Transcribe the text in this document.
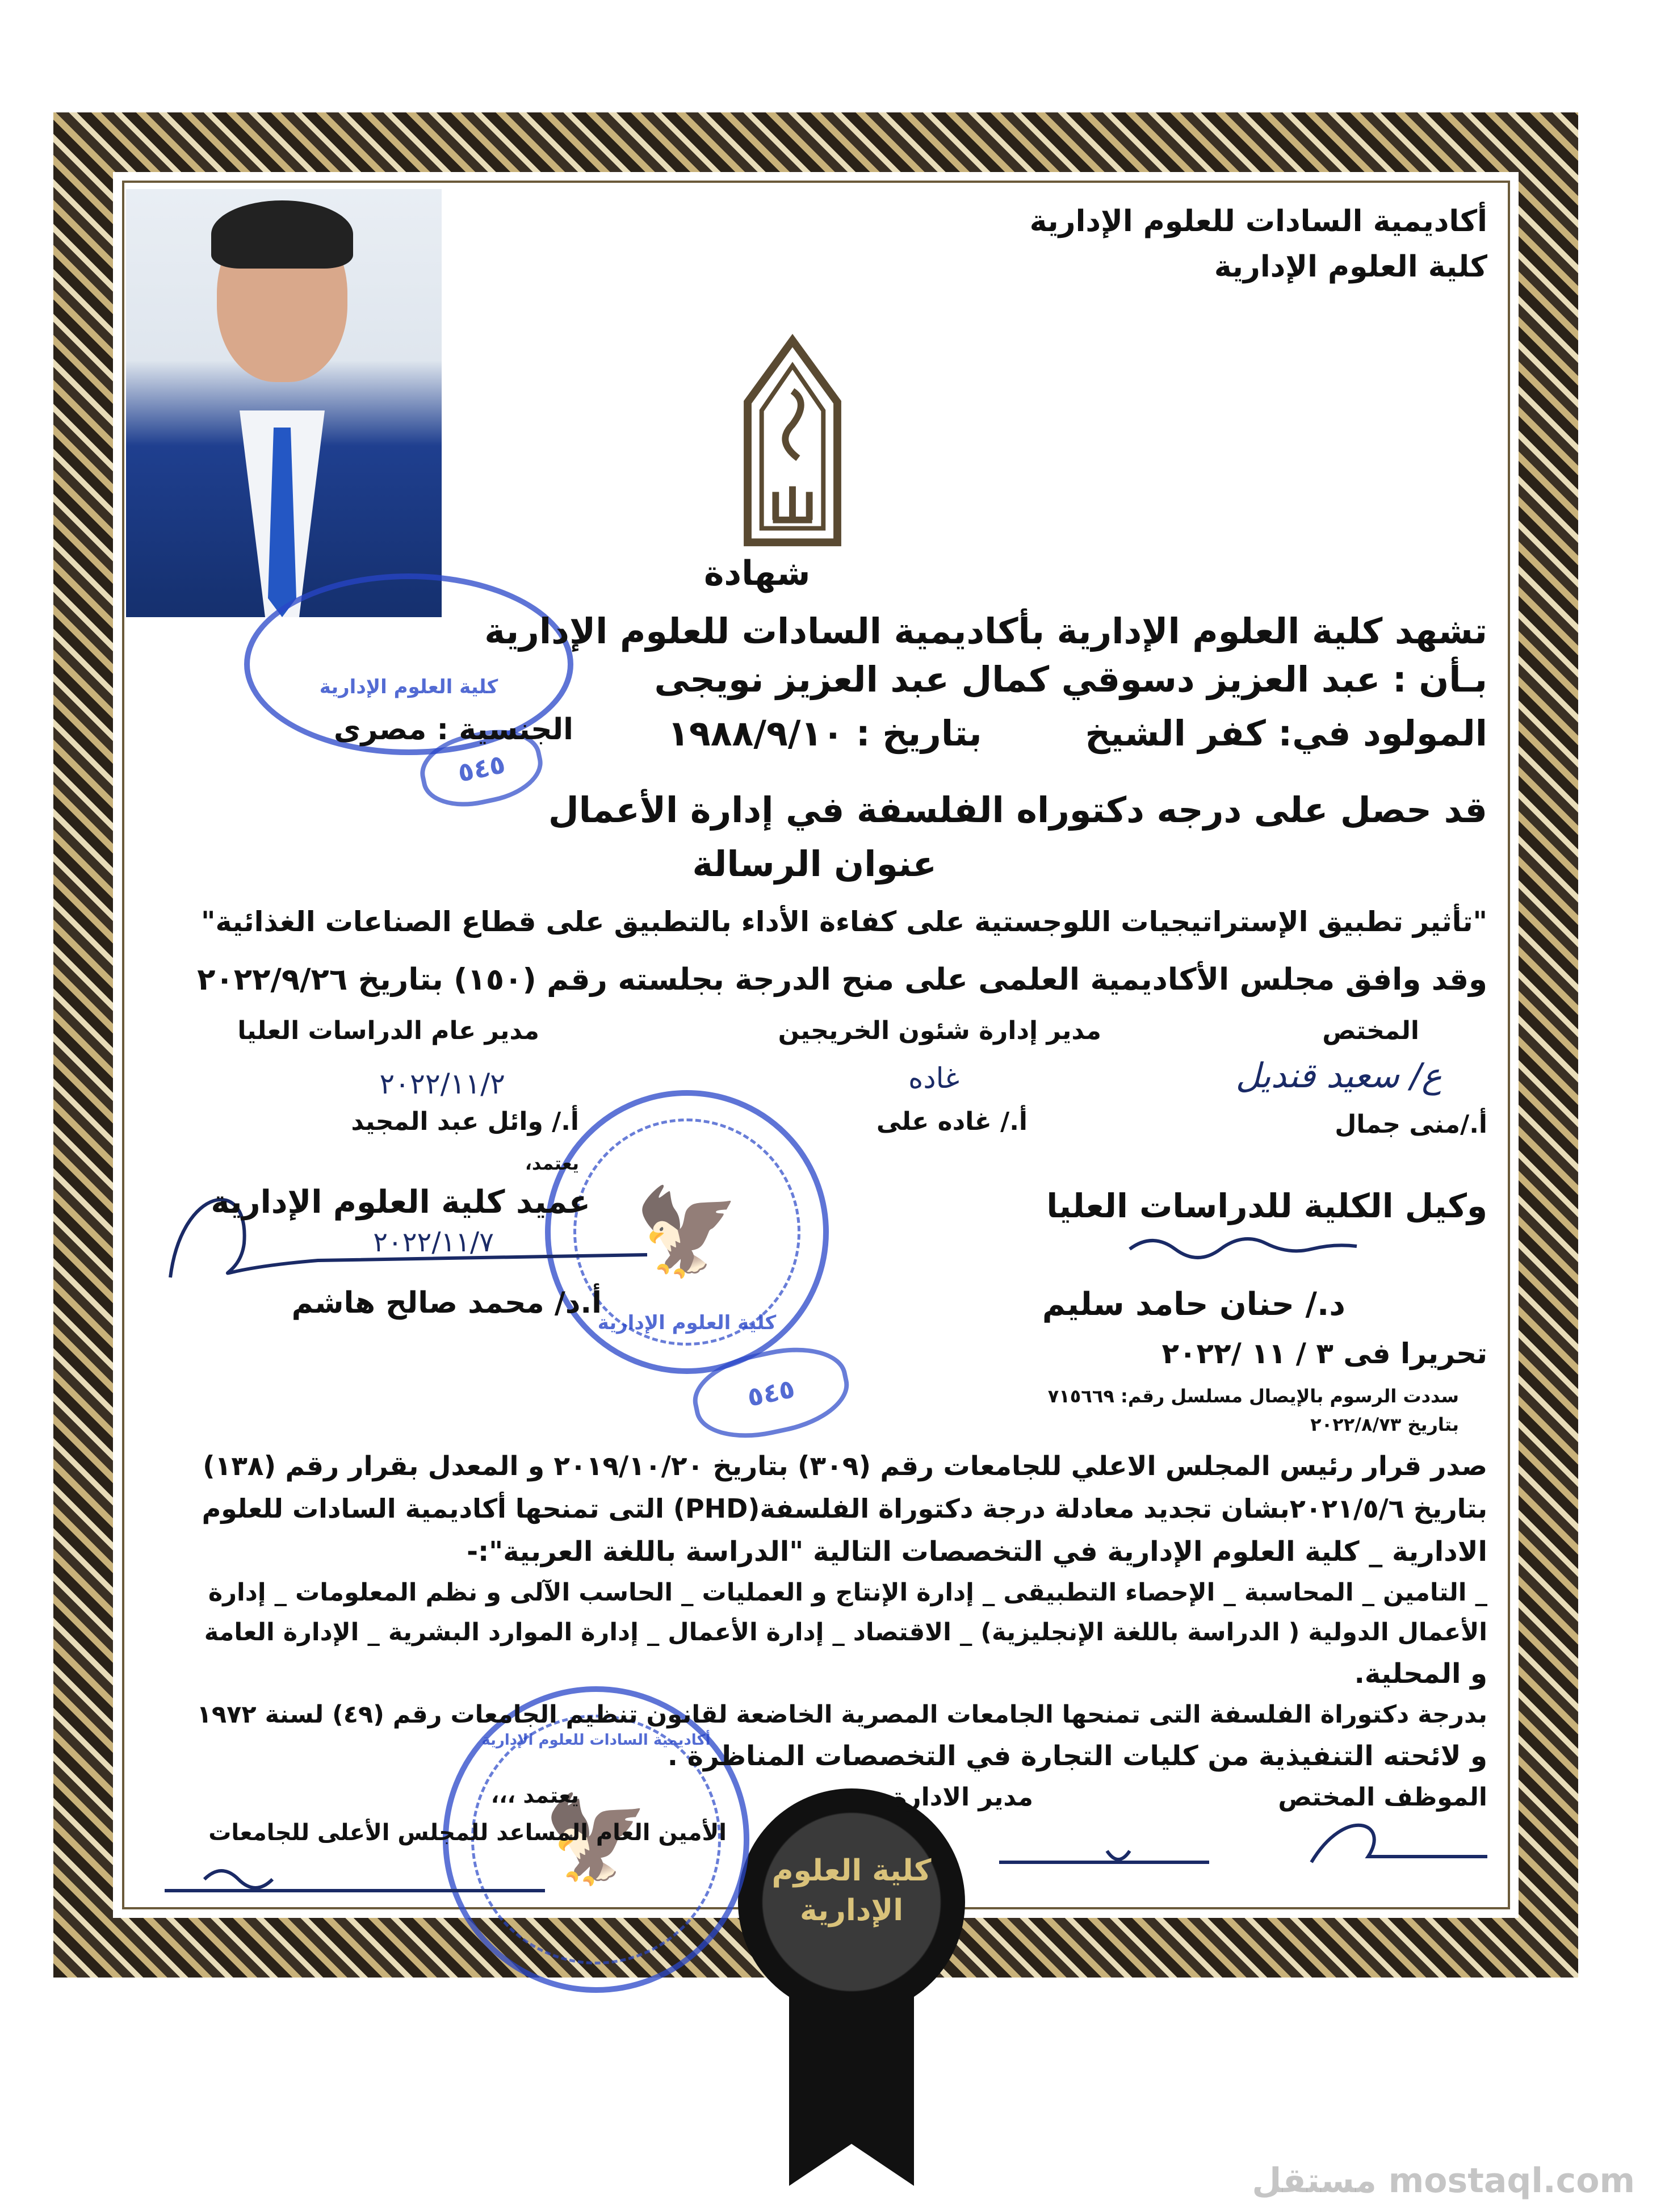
أكاديمية السادات للعلوم الإدارية
كلية العلوم الإدارية
شهادة
تشهد كلية العلوم الإدارية بأكاديمية السادات للعلوم الإدارية
بـأن : عبد العزيز دسوقي كمال عبد العزيز نويجى
المولود في: كفر الشيخ بتاريخ : ١٩٨٨/٩/١٠
الجنسية : مصرى
قد حصل على درجه دكتوراه الفلسفة في إدارة الأعمال
عنوان الرسالة
"تأثير تطبيق الإستراتيجيات اللوجستية على كفاءة الأداء بالتطبيق على قطاع الصناعات الغذائية"
وقد وافق مجلس الأكاديمية العلمى على منح الدرجة بجلسته رقم (١٥٠) بتاريخ ٢٠٢٢/٩/٢٦
المختص
مدير إدارة شئون الخريجين
مدير عام الدراسات العليا
ع/ سعيد قنديل
غاده
٢٠٢٢/١١/٢
أ./منى جمال
أ./ غاده على
أ./ وائل عبد المجيد
يعتمد،
عميد كلية العلوم الإدارية	وكيل الكلية للدراسات العليا
٢٠٢٢/١١/٧
أ.د/ محمد صالح هاشم	د./ حنان حامد سليم
تحريرا فى ٣ / ١١ /٢٠٢٢
سددت الرسوم بالإيصال مسلسل رقم: ٧١٥٦٦٩
بتاريخ ٢٠٢٢/٨/٧٣
صدر قرار رئيس المجلس الاعلي للجامعات رقم (٣٠٩) بتاريخ ٢٠١٩/١٠/٢٠ و المعدل بقرار رقم (١٣٨)
بتاريخ ٢٠٢١/٥/٦بشان تجديد معادلة درجة دكتوراة الفلسفة(PHD) التى تمنحها أكاديمية السادات للعلوم
الادارية _ كلية العلوم الإدارية في التخصصات التالية "الدراسة باللغة العربية":-
_ التامين _ المحاسبة _ الإحصاء التطبيقى _ إدارة الإنتاج و العمليات _ الحاسب الآلى و نظم المعلومات _ إدارة
الأعمال الدولية ( الدراسة باللغة الإنجليزية) _ الاقتصاد _ إدارة الأعمال _ إدارة الموارد البشرية _ الإدارة العامة
و المحلية.
بدرجة دكتوراة الفلسفة التى تمنحها الجامعات المصرية الخاضعة لقانون تنظيم الجامعات رقم (٤٩) لسنة ١٩٧٢
و لائحته التنفيذية من كليات التجارة في التخصصات المناظرة .
الموظف المختص
مدير الادارة
يعتمد ،،،
الأمين العام المساعد للمجلس الأعلى للجامعات
كلية العلوم الإدارية
٥٤٥
🦅
كلية العلوم الإدارية
٥٤٥
🦅
أكاديمية السادات للعلوم الإدارية
كلية العلوم الإدارية
مستقل mostaql.com
